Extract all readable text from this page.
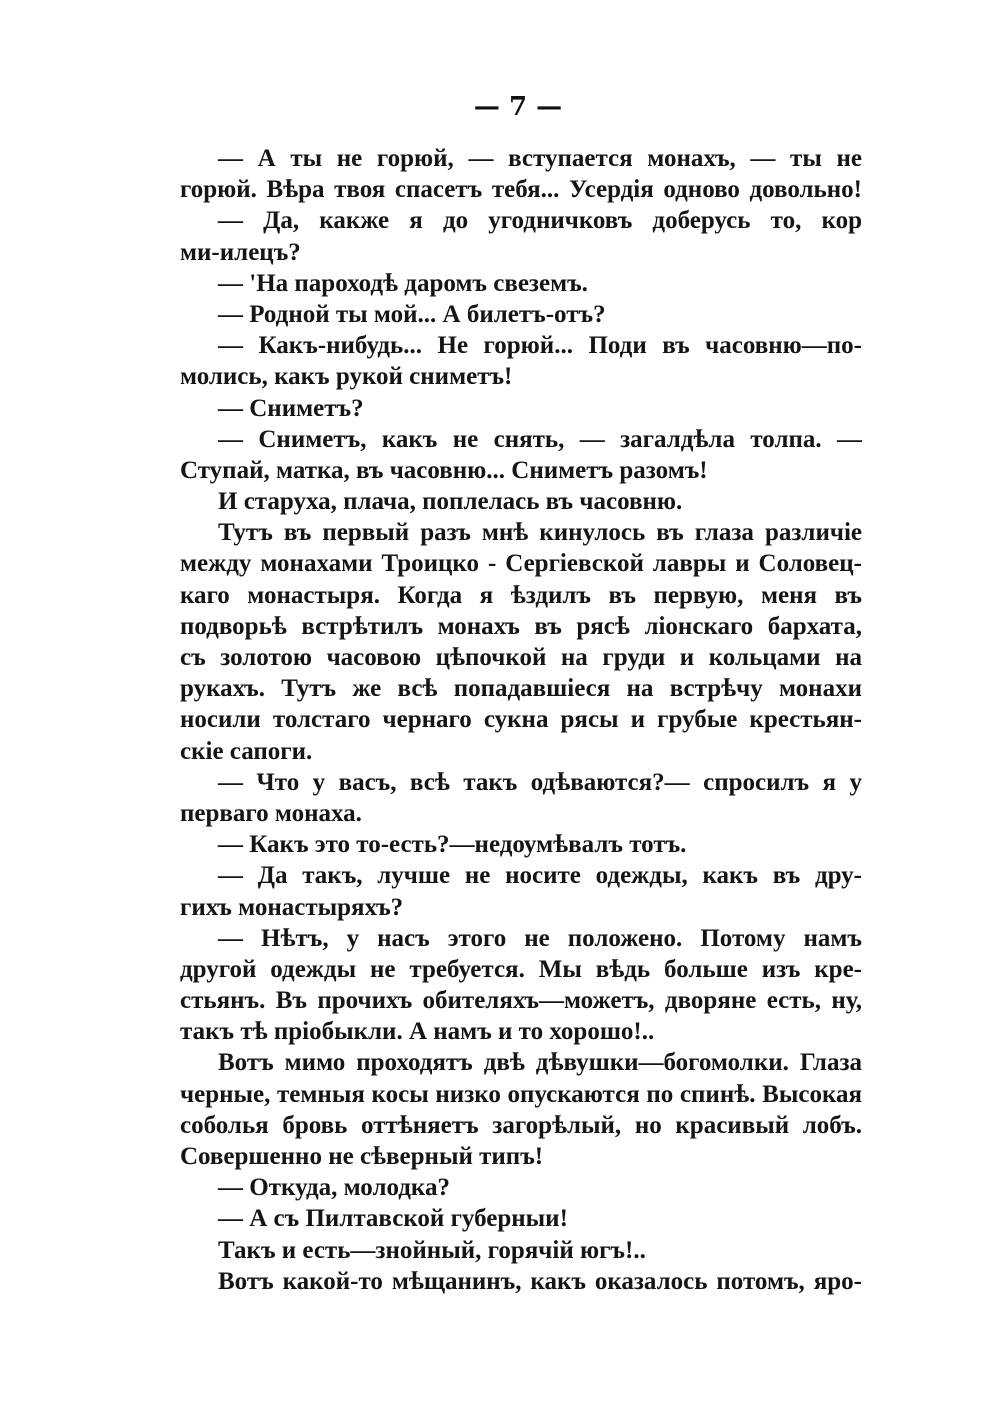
— 7 —
— А ты не горюй, — вступается монахъ, — ты не
горюй. Вѣра твоя спасетъ тебя... Усердія одново довольно!
— Да, какже я до угодничковъ доберусь то, кор
ми-илецъ?
— 'На пароходѣ даромъ свеземъ.
— Родной ты мой... А билетъ-отъ?
— Какъ-нибудь... Не горюй... Поди въ часовню—по-
молись, какъ рукой сниметъ!
— Сниметъ?
— Сниметъ, какъ не снять, — загалдѣла толпа. —
Ступай, матка, въ часовню... Сниметъ разомъ!
И старуха, плача, поплелась въ часовню.
Тутъ въ первый разъ мнѣ кинулось въ глаза различіе
между монахами Троицко - Сергіевской лавры и Соловец-
каго монастыря. Когда я ѣздилъ въ первую, меня въ
подворьѣ встрѣтилъ монахъ въ рясѣ ліонскаго бархата,
съ золотою часовою цѣпочкой на груди и кольцами на
рукахъ. Тутъ же всѣ попадавшіеся на встрѣчу монахи
носили толстаго чернаго сукна рясы и грубые крестьян-
скіе сапоги.
— Что у васъ, всѣ такъ одѣваются?— спросилъ я у
перваго монаха.
— Какъ это то-есть?—недоумѣвалъ тотъ.
— Да такъ, лучше не носите одежды, какъ въ дру-
гихъ монастыряхъ?
— Нѣтъ, у насъ этого не положено. Потому намъ
другой одежды не требуется. Мы вѣдь больше изъ кре-
стьянъ. Въ прочихъ обителяхъ—можетъ, дворяне есть, ну,
такъ тѣ пріобыкли. А намъ и то хорошо!..
Вотъ мимо проходятъ двѣ дѣвушки—богомолки. Глаза
черные, темныя косы низко опускаются по спинѣ. Высокая
соболья бровь оттѣняетъ загорѣлый, но красивый лобъ.
Совершенно не сѣверный типъ!
— Откуда, молодка?
— А съ Пилтавской губерныи!
Такъ и есть—знойный, горячій югъ!..
Вотъ какой-то мѣщанинъ, какъ оказалось потомъ, яро-
